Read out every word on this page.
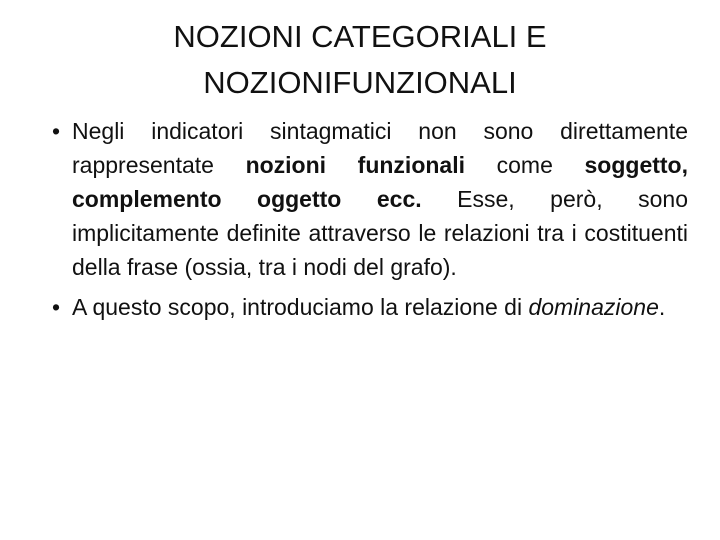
NOZIONI CATEGORIALI E
NOZIONIFUNZIONALI
• Negli indicatori sintagmatici non sono direttamente rappresentate nozioni funzionali come soggetto, complemento oggetto ecc. Esse, però, sono implicitamente definite attraverso le relazioni tra i costituenti della frase (ossia, tra i nodi del grafo).
• A questo scopo, introduciamo la relazione di dominazione.
